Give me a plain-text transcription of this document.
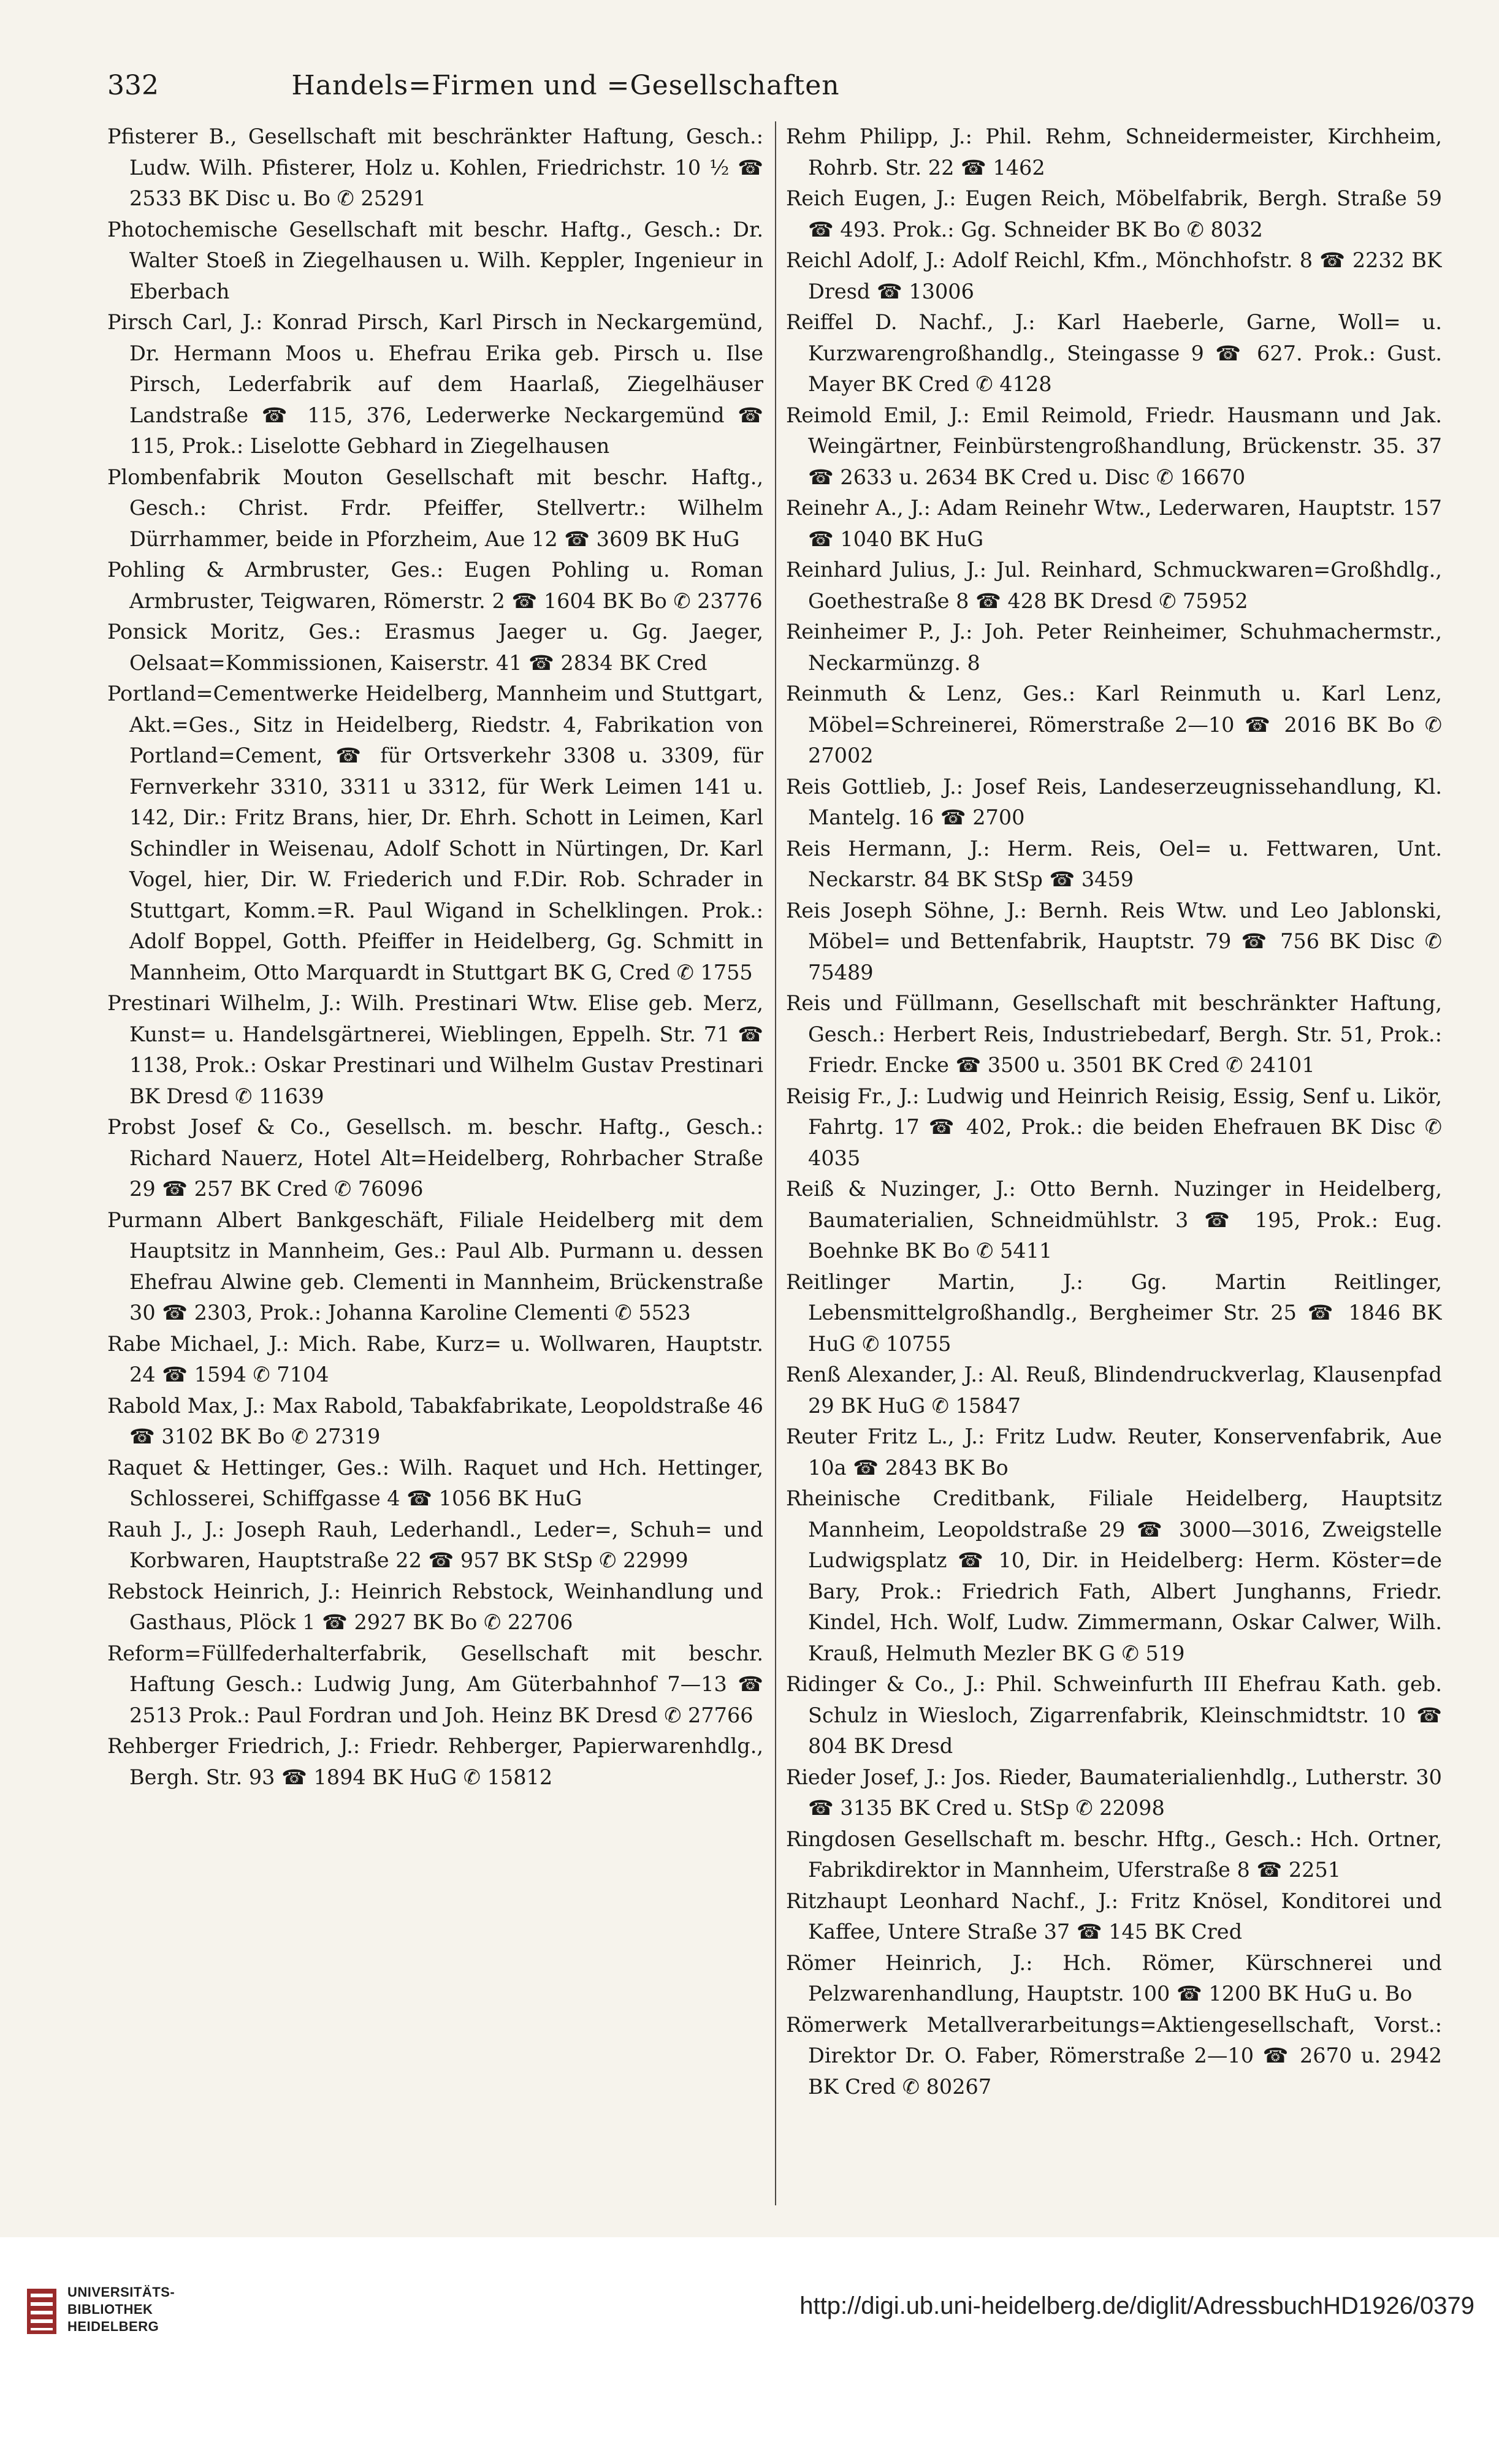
332	Handels=Firmen und =Gesellschaften

Pfisterer B., Gesellschaft mit beschränkter Haftung, Gesch.: Ludw. Wilh. Pfisterer, Holz u. Kohlen, Friedrichstr. 10 ½ ☎ 2533 BK Disc u. Bo ✆ 25291

Photochemische Gesellschaft mit beschr. Haftg., Gesch.: Dr. Walter Stoeß in Ziegelhausen u. Wilh. Keppler, Ingenieur in Eberbach

Pirsch Carl, J.: Konrad Pirsch, Karl Pirsch in Neckargemünd, Dr. Hermann Moos u. Ehefrau Erika geb. Pirsch u. Ilse Pirsch, Lederfabrik auf dem Haarlaß, Ziegelhäuser Landstraße ☎ 115, 376, Lederwerke Neckargemünd ☎ 115, Prok.: Liselotte Gebhard in Ziegelhausen

Plombenfabrik Mouton Gesellschaft mit beschr. Haftg., Gesch.: Christ. Frdr. Pfeiffer, Stellvertr.: Wilhelm Dürrhammer, beide in Pforzheim, Aue 12 ☎ 3609 BK HuG

Pohling & Armbruster, Ges.: Eugen Pohling u. Roman Armbruster, Teigwaren, Römerstr. 2 ☎ 1604 BK Bo ✆ 23776

Ponsick Moritz, Ges.: Erasmus Jaeger u. Gg. Jaeger, Oelsaat=Kommissionen, Kaiserstr. 41 ☎ 2834 BK Cred

Portland=Cementwerke Heidelberg, Mannheim und Stuttgart, Akt.=Ges., Sitz in Heidelberg, Riedstr. 4, Fabrikation von Portland=Cement, ☎ für Ortsverkehr 3308 u. 3309, für Fernverkehr 3310, 3311 u 3312, für Werk Leimen 141 u. 142, Dir.: Fritz Brans, hier, Dr. Ehrh. Schott in Leimen, Karl Schindler in Weisenau, Adolf Schott in Nürtingen, Dr. Karl Vogel, hier, Dir. W. Friederich und F.Dir. Rob. Schrader in Stuttgart, Komm.=R. Paul Wigand in Schelklingen. Prok.: Adolf Boppel, Gotth. Pfeiffer in Heidelberg, Gg. Schmitt in Mannheim, Otto Marquardt in Stuttgart BK G, Cred ✆ 1755

Prestinari Wilhelm, J.: Wilh. Prestinari Wtw. Elise geb. Merz, Kunst= u. Handelsgärtnerei, Wieblingen, Eppelh. Str. 71 ☎ 1138, Prok.: Oskar Prestinari und Wilhelm Gustav Prestinari BK Dresd ✆ 11639

Probst Josef & Co., Gesellsch. m. beschr. Haftg., Gesch.: Richard Nauerz, Hotel Alt=Heidelberg, Rohrbacher Straße 29 ☎ 257 BK Cred ✆ 76096

Purmann Albert Bankgeschäft, Filiale Heidelberg mit dem Hauptsitz in Mannheim, Ges.: Paul Alb. Purmann u. dessen Ehefrau Alwine geb. Clementi in Mannheim, Brückenstraße 30 ☎ 2303, Prok.: Johanna Karoline Clementi ✆ 5523

Rabe Michael, J.: Mich. Rabe, Kurz= u. Wollwaren, Hauptstr. 24 ☎ 1594 ✆ 7104

Rabold Max, J.: Max Rabold, Tabakfabrikate, Leopoldstraße 46 ☎ 3102 BK Bo ✆ 27319

Raquet & Hettinger, Ges.: Wilh. Raquet und Hch. Hettinger, Schlosserei, Schiffgasse 4 ☎ 1056 BK HuG

Rauh J., J.: Joseph Rauh, Lederhandl., Leder=, Schuh= und Korbwaren, Hauptstraße 22 ☎ 957 BK StSp ✆ 22999

Rebstock Heinrich, J.: Heinrich Rebstock, Weinhandlung und Gasthaus, Plöck 1 ☎ 2927 BK Bo ✆ 22706

Reform=Füllfederhalterfabrik, Gesellschaft mit beschr. Haftung Gesch.: Ludwig Jung, Am Güterbahnhof 7—13 ☎ 2513 Prok.: Paul Fordran und Joh. Heinz BK Dresd ✆ 27766

Rehberger Friedrich, J.: Friedr. Rehberger, Papierwarenhdlg., Bergh. Str. 93 ☎ 1894 BK HuG ✆ 15812

Rehm Philipp, J.: Phil. Rehm, Schneidermeister, Kirchheim, Rohrb. Str. 22 ☎ 1462

Reich Eugen, J.: Eugen Reich, Möbelfabrik, Bergh. Straße 59 ☎ 493. Prok.: Gg. Schneider BK Bo ✆ 8032

Reichl Adolf, J.: Adolf Reichl, Kfm., Mönchhofstr. 8 ☎ 2232 BK Dresd ☎ 13006

Reiffel D. Nachf., J.: Karl Haeberle, Garne, Woll= u. Kurzwarengroßhandlg., Steingasse 9 ☎ 627. Prok.: Gust. Mayer BK Cred ✆ 4128

Reimold Emil, J.: Emil Reimold, Friedr. Hausmann und Jak. Weingärtner, Feinbürstengroßhandlung, Brückenstr. 35. 37 ☎ 2633 u. 2634 BK Cred u. Disc ✆ 16670

Reinehr A., J.: Adam Reinehr Wtw., Lederwaren, Hauptstr. 157 ☎ 1040 BK HuG

Reinhard Julius, J.: Jul. Reinhard, Schmuckwaren=Großhdlg., Goethestraße 8 ☎ 428 BK Dresd ✆ 75952

Reinheimer P., J.: Joh. Peter Reinheimer, Schuhmachermstr., Neckarmünzg. 8

Reinmuth & Lenz, Ges.: Karl Reinmuth u. Karl Lenz, Möbel=Schreinerei, Römerstraße 2—10 ☎ 2016 BK Bo ✆ 27002

Reis Gottlieb, J.: Josef Reis, Landeserzeugnissehandlung, Kl. Mantelg. 16 ☎ 2700

Reis Hermann, J.: Herm. Reis, Oel= u. Fettwaren, Unt. Neckarstr. 84 BK StSp ☎ 3459

Reis Joseph Söhne, J.: Bernh. Reis Wtw. und Leo Jablonski, Möbel= und Bettenfabrik, Hauptstr. 79 ☎ 756 BK Disc ✆ 75489

Reis und Füllmann, Gesellschaft mit beschränkter Haftung, Gesch.: Herbert Reis, Industriebedarf, Bergh. Str. 51, Prok.: Friedr. Encke ☎ 3500 u. 3501 BK Cred ✆ 24101

Reisig Fr., J.: Ludwig und Heinrich Reisig, Essig, Senf u. Likör, Fahrtg. 17 ☎ 402, Prok.: die beiden Ehefrauen BK Disc ✆ 4035

Reiß & Nuzinger, J.: Otto Bernh. Nuzinger in Heidelberg, Baumaterialien, Schneidmühlstr. 3 ☎ 195, Prok.: Eug. Boehnke BK Bo ✆ 5411

Reitlinger Martin, J.: Gg. Martin Reitlinger, Lebensmittelgroßhandlg., Bergheimer Str. 25 ☎ 1846 BK HuG ✆ 10755

Renß Alexander, J.: Al. Reuß, Blindendruckverlag, Klausenpfad 29 BK HuG ✆ 15847

Reuter Fritz L., J.: Fritz Ludw. Reuter, Konservenfabrik, Aue 10a ☎ 2843 BK Bo

Rheinische Creditbank, Filiale Heidelberg, Hauptsitz Mannheim, Leopoldstraße 29 ☎ 3000—3016, Zweigstelle Ludwigsplatz ☎ 10, Dir. in Heidelberg: Herm. Köster=de Bary, Prok.: Friedrich Fath, Albert Junghanns, Friedr. Kindel, Hch. Wolf, Ludw. Zimmermann, Oskar Calwer, Wilh. Krauß, Helmuth Mezler BK G ✆ 519

Ridinger & Co., J.: Phil. Schweinfurth III Ehefrau Kath. geb. Schulz in Wiesloch, Zigarrenfabrik, Kleinschmidtstr. 10 ☎ 804 BK Dresd

Rieder Josef, J.: Jos. Rieder, Baumaterialienhdlg., Lutherstr. 30 ☎ 3135 BK Cred u. StSp ✆ 22098

Ringdosen Gesellschaft m. beschr. Hftg., Gesch.: Hch. Ortner, Fabrikdirektor in Mannheim, Uferstraße 8 ☎ 2251

Ritzhaupt Leonhard Nachf., J.: Fritz Knösel, Konditorei und Kaffee, Untere Straße 37 ☎ 145 BK Cred

Römer Heinrich, J.: Hch. Römer, Kürschnerei und Pelzwarenhandlung, Hauptstr. 100 ☎ 1200 BK HuG u. Bo

Römerwerk Metallverarbeitungs=Aktiengesellschaft, Vorst.: Direktor Dr. O. Faber, Römerstraße 2—10 ☎ 2670 u. 2942 BK Cred ✆ 80267

UNIVERSITÄTS-
BIBLIOTHEK
HEIDELBERG
http://digi.ub.uni-heidelberg.de/diglit/AdressbuchHD1926/0379
